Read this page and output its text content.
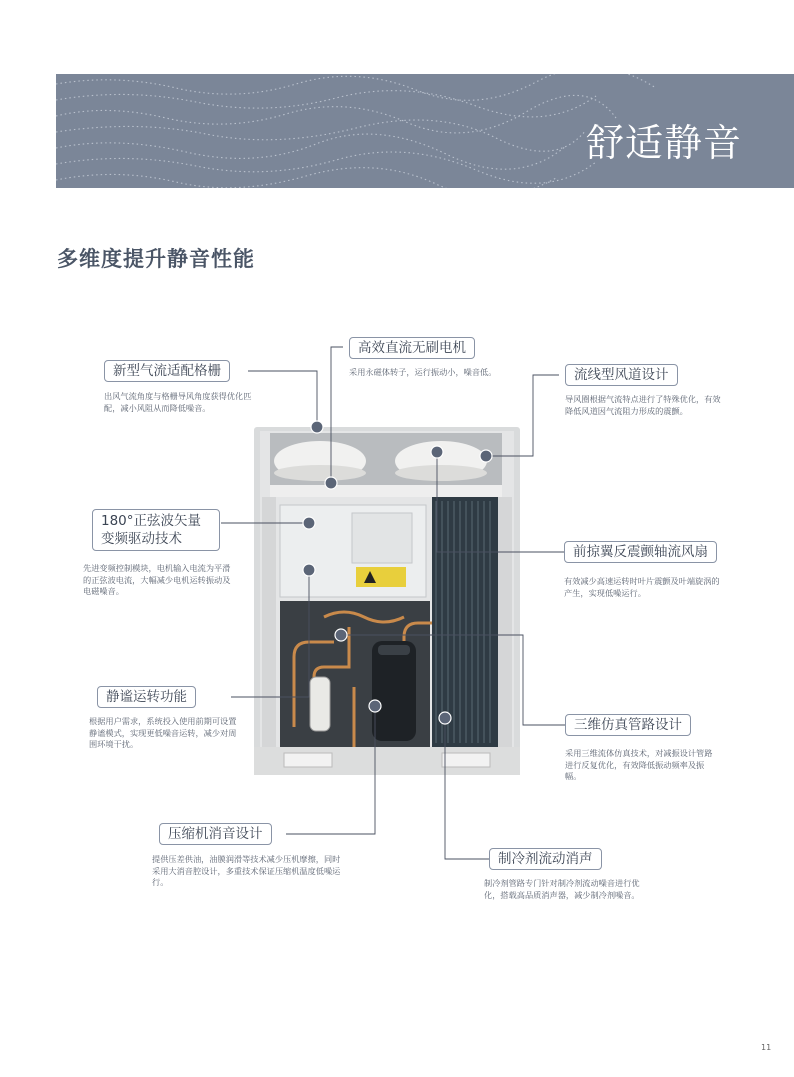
舒适静音
多维度提升静音性能
高效直流无刷电机
采用永磁体转子，运行振动小，噪音低。
新型气流适配格栅
出风气流角度与格栅导风角度获得优化匹配，减小风阻从而降低噪音。
流线型风道设计
导风圈根据气流特点进行了特殊优化，有效降低风道因气流阻力形成的震颤。
180°正弦波矢量
变频驱动技术
先进变频控制模块，电机输入电流为平滑的正弦波电流，大幅减少电机运转振动及电磁噪音。
前掠翼反震颤轴流风扇
有效减少高速运转时叶片震颤及叶端旋涡的产生，实现低噪运行。
静谧运转功能
根据用户需求，系统投入使用前期可设置静谧模式，实现更低噪音运转，减少对周围环境干扰。
三维仿真管路设计
采用三维流体仿真技术，对减振设计管路进行反复优化，有效降低振动频率及振幅。
压缩机消音设计
提供压差供油，油膜润滑等技术减少压机摩擦，同时采用大消音腔设计，多重技术保证压缩机温度低噪运行。
制冷剂流动消声
制冷剂管路专门针对制冷剂流动噪音进行优化，搭载高品质消声器，减少制冷剂噪音。
11
